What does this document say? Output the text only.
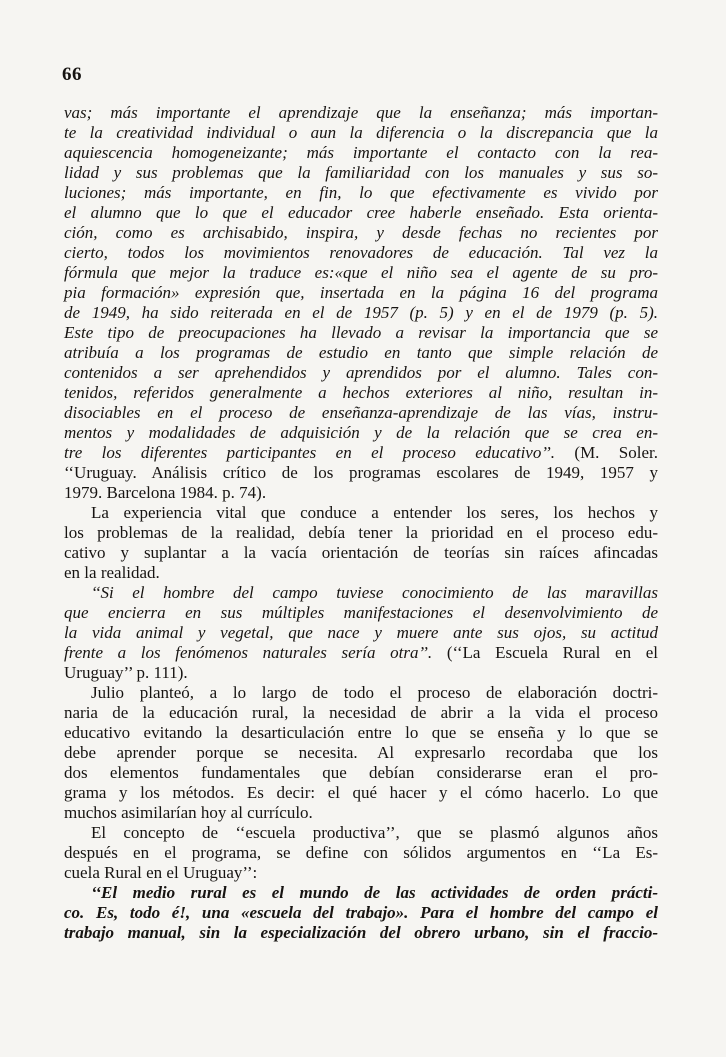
66
vas; más importante el aprendizaje que la enseñanza; más importan-
te la creatividad individual o aun la diferencia o la discrepancia que la
aquiescencia homogeneizante; más importante el contacto con la rea-
lidad y sus problemas que la familiaridad con los manuales y sus so-
luciones; más importante, en fin, lo que efectivamente es vivido por
el alumno que lo que el educador cree haberle enseñado. Esta orienta-
ción, como es archisabido, inspira, y desde fechas no recientes por
cierto, todos los movimientos renovadores de educación. Tal vez la
fórmula que mejor la traduce es:«que el niño sea el agente de su pro-
pia formación» expresión que, insertada en la página 16 del programa
de 1949, ha sido reiterada en el de 1957 (p. 5) y en el de 1979 (p. 5).
Este tipo de preocupaciones ha llevado a revisar la importancia que se
atribuía a los programas de estudio en tanto que simple relación de
contenidos a ser aprehendidos y aprendidos por el alumno. Tales con-
tenidos, referidos generalmente a hechos exteriores al niño, resultan in-
disociables en el proceso de enseñanza-aprendizaje de las vías, instru-
mentos y modalidades de adquisición y de la relación que se crea en-
tre los diferentes participantes en el proceso educativo’’. (M. Soler.
‘‘Uruguay. Análisis crítico de los programas escolares de 1949, 1957 y
1979. Barcelona 1984. p. 74).
La experiencia vital que conduce a entender los seres, los hechos y
los problemas de la realidad, debía tener la prioridad en el proceso edu-
cativo y suplantar a la vacía orientación de teorías sin raíces afincadas
en la realidad.
‘‘Si el hombre del campo tuviese conocimiento de las maravillas
que encierra en sus múltiples manifestaciones el desenvolvimiento de
la vida animal y vegetal, que nace y muere ante sus ojos, su actitud
frente a los fenómenos naturales sería otra’’. (‘‘La Escuela Rural en el
Uruguay’’ p. 111).
Julio planteó, a lo largo de todo el proceso de elaboración doctri-
naria de la educación rural, la necesidad de abrir a la vida el proceso
educativo evitando la desarticulación entre lo que se enseña y lo que se
debe aprender porque se necesita. Al expresarlo recordaba que los
dos elementos fundamentales que debían considerarse eran el pro-
grama y los métodos. Es decir: el qué hacer y el cómo hacerlo. Lo que
muchos asimilarían hoy al currículo.
El concepto de ‘‘escuela productiva’’, que se plasmó algunos años
después en el programa, se define con sólidos argumentos en ‘‘La Es-
cuela Rural en el Uruguay’’:
‘‘El medio rural es el mundo de las actividades de orden prácti-
co. Es, todo é!, una «escuela del trabajo». Para el hombre del campo el
trabajo manual, sin la especialización del obrero urbano, sin el fraccio-
